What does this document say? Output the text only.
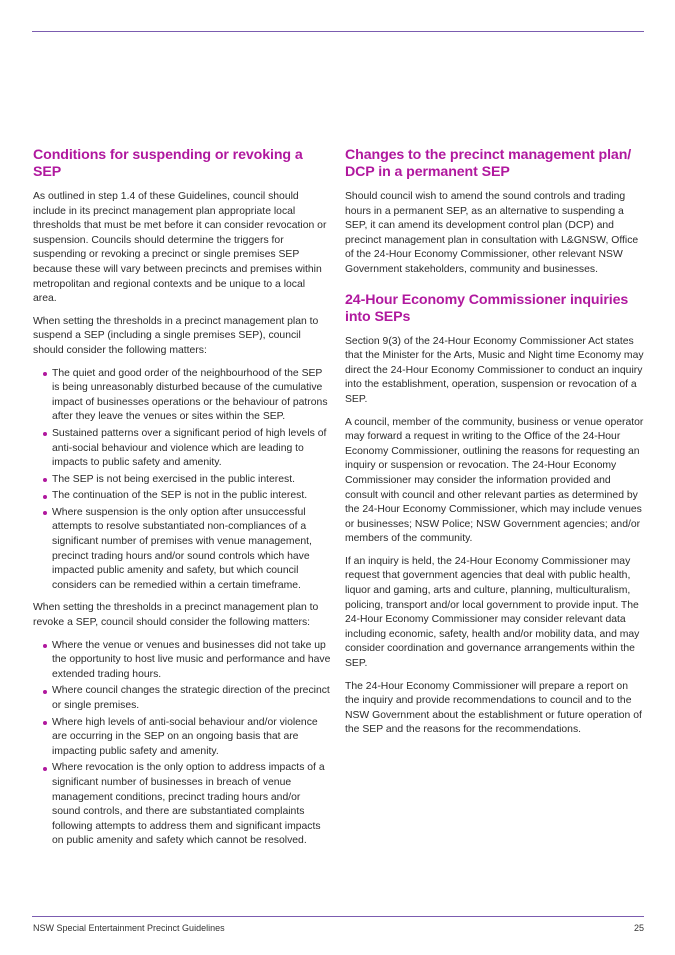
Conditions for suspending or revoking a SEP

As outlined in step 1.4 of these Guidelines, council should include in its precinct management plan appropriate local thresholds that must be met before it can consider revocation or suspension. Councils should determine the triggers for suspending or revoking a precinct or single premises SEP because these will vary between precincts and premises within metropolitan and regional contexts and be unique to a local area.

When setting the thresholds in a precinct management plan to suspend a SEP (including a single premises SEP), council should consider the following matters:

The quiet and good order of the neighbourhood of the SEP is being unreasonably disturbed because of the cumulative impact of businesses operations or the behaviour of patrons after they leave the venues or sites within the SEP.
Sustained patterns over a significant period of high levels of anti-social behaviour and violence which are leading to impacts to public safety and amenity.
The SEP is not being exercised in the public interest.
The continuation of the SEP is not in the public interest.
Where suspension is the only option after unsuccessful attempts to resolve substantiated non-compliances of a significant number of premises with venue management, precinct trading hours and/or sound controls which have impacted public amenity and safety, but which council considers can be remedied within a certain timeframe.

When setting the thresholds in a precinct management plan to revoke a SEP, council should consider the following matters:

Where the venue or venues and businesses did not take up the opportunity to host live music and performance and have extended trading hours.
Where council changes the strategic direction of the precinct or single premises.
Where high levels of anti-social behaviour and/or violence are occurring in the SEP on an ongoing basis that are impacting public safety and amenity.
Where revocation is the only option to address impacts of a significant number of businesses in breach of venue management conditions, precinct trading hours and/or sound controls, and there are substantiated complaints following attempts to address them and significant impacts on public amenity and safety which cannot be resolved.
Changes to the precinct management plan/ DCP in a permanent SEP

Should council wish to amend the sound controls and trading hours in a permanent SEP, as an alternative to suspending a SEP, it can amend its development control plan (DCP) and precinct management plan in consultation with L&GNSW, Office of the 24-Hour Economy Commissioner, other relevant NSW Government stakeholders, community and businesses.

24-Hour Economy Commissioner inquiries into SEPs

Section 9(3) of the 24-Hour Economy Commissioner Act states that the Minister for the Arts, Music and Night time Economy may direct the 24-Hour Economy Commissioner to conduct an inquiry into the establishment, operation, suspension or revocation of a SEP.

A council, member of the community, business or venue operator may forward a request in writing to the Office of the 24-Hour Economy Commissioner, outlining the reasons for requesting an inquiry or suspension or revocation. The 24-Hour Economy Commissioner may consider the information provided and consult with council and other relevant parties as determined by the 24-Hour Economy Commissioner, which may include venues or businesses; NSW Police; NSW Government agencies; and/or members of the community.

If an inquiry is held, the 24-Hour Economy Commissioner may request that government agencies that deal with public health, liquor and gaming, arts and culture, planning, multiculturalism, policing, transport and/or local government to provide input. The 24-Hour Economy Commissioner may consider relevant data including economic, safety, health and/or mobility data, and may consider coordination and governance arrangements within the SEP.

The 24-Hour Economy Commissioner will prepare a report on the inquiry and provide recommendations to council and to the NSW Government about the establishment or future operation of the SEP and the reasons for the recommendations.

NSW Special Entertainment Precinct Guidelines	25
